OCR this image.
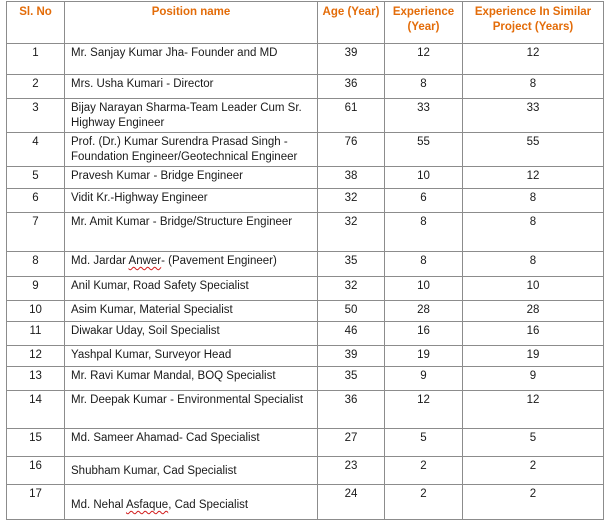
Sl. No	Position name	Age (Year)	Experience (Year)	Experience In Similar Project (Years)
1	Mr. Sanjay Kumar Jha- Founder and MD	39	12	12
2	Mrs. Usha Kumari - Director	36	8	8
3	Bijay Narayan Sharma-Team Leader Cum Sr. Highway Engineer	61	33	33
4	Prof. (Dr.) Kumar Surendra Prasad Singh - Foundation Engineer/Geotechnical Engineer	76	55	55
5	Pravesh Kumar - Bridge Engineer	38	10	12
6	Vidit Kr.-Highway Engineer	32	6	8
7	Mr. Amit Kumar - Bridge/Structure Engineer	32	8	8
8	Md. Jardar Anwer- (Pavement Engineer)	35	8	8
9	Anil Kumar, Road Safety Specialist	32	10	10
10	Asim Kumar, Material Specialist	50	28	28
11	Diwakar Uday, Soil Specialist	46	16	16
12	Yashpal Kumar, Surveyor Head	39	19	19
13	Mr. Ravi Kumar Mandal, BOQ Specialist	35	9	9
14	Mr. Deepak Kumar - Environmental Specialist	36	12	12
15	Md. Sameer Ahamad- Cad Specialist	27	5	5
16	Shubham Kumar, Cad Specialist	23	2	2
17	Md. Nehal Asfaque, Cad Specialist	24	2	2
